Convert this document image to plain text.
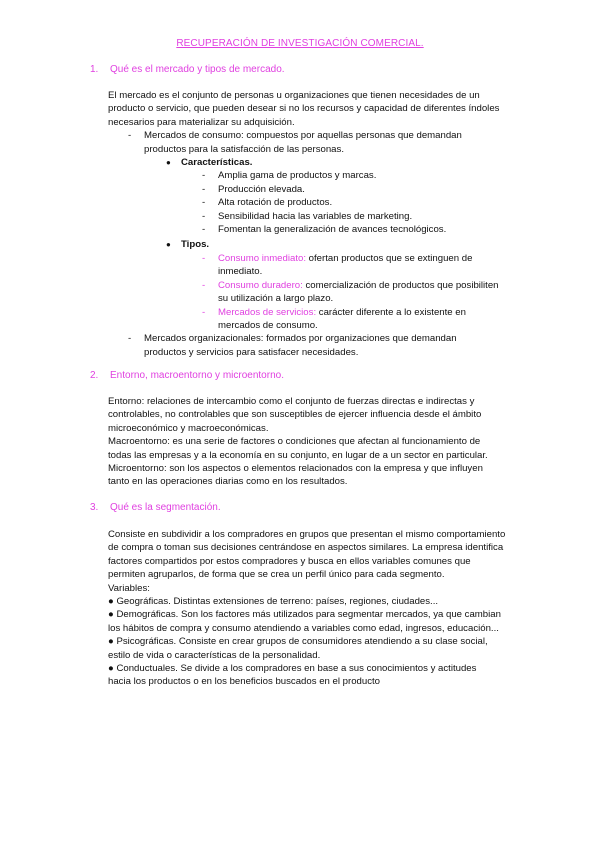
RECUPERACIÓN DE INVESTIGACIÓN COMERCIAL.
1. Qué es el mercado y tipos de mercado.

El mercado es el conjunto de personas u organizaciones que tienen necesidades de un

producto o servicio, que pueden desear si no los recursos y capacidad de diferentes índoles

necesarios para materializar su adquisición.

- Mercados de consumo: compuestos por aquellas personas que demandan
productos para la satisfacción de las personas.
● Características.
- Amplia gama de productos y marcas.
- Producción elevada.
- Alta rotación de productos.
- Sensibilidad hacia las variables de marketing.
- Fomentan la generalización de avances tecnológicos.
● Tipos.
- Consumo inmediato: ofertan productos que se extinguen de
inmediato.
- Consumo duradero: comercialización de productos que posibiliten
su utilización a largo plazo.
- Mercados de servicios: carácter diferente a lo existente en
mercados de consumo.
- Mercados organizacionales: formados por organizaciones que demandan
productos y servicios para satisfacer necesidades.
2. Entorno, macroentorno y microentorno.

Entorno: relaciones de intercambio como el conjunto de fuerzas directas e indirectas y

controlables, no controlables que son susceptibles de ejercer influencia desde el ámbito

microeconómico y macroeconómicas.

Macroentorno: es una serie de factores o condiciones que afectan al funcionamiento de

todas las empresas y a la economía en su conjunto, en lugar de a un sector en particular.

Microentorno: son los aspectos o elementos relacionados con la empresa y que influyen

tanto en las operaciones diarias como en los resultados.

3. Qué es la segmentación.

Consiste en subdividir a los compradores en grupos que presentan el mismo comportamiento

de compra o toman sus decisiones centrándose en aspectos similares. La empresa identifica

factores compartidos por estos compradores y busca en ellos variables comunes que

permiten agruparlos, de forma que se crea un perfil único para cada segmento.

Variables:

● Geográficas. Distintas extensiones de terreno: países, regiones, ciudades...

● Demográficas. Son los factores más utilizados para segmentar mercados, ya que cambian

los hábitos de compra y consumo atendiendo a variables como edad, ingresos, educación...

● Psicográficas. Consiste en crear grupos de consumidores atendiendo a su clase social,

estilo de vida o características de la personalidad.

● Conductuales. Se divide a los compradores en base a sus conocimientos y actitudes

hacia los productos o en los beneficios buscados en el producto
